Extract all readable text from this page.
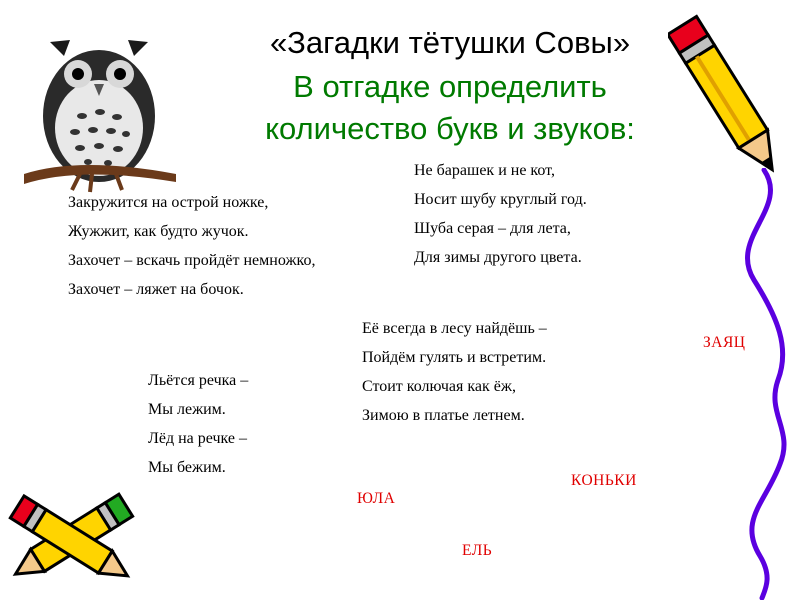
«Загадки тётушки Совы»
В отгадке определить
количество букв и звуков:
Закружится на острой ножке,
Жужжит, как будто жучок.
Захочет – вскачь пройдёт немножко,
Захочет – ляжет на бочок.
Не барашек и не кот,
Носит шубу круглый год.
Шуба серая – для лета,
Для зимы другого цвета.
Её всегда в лесу найдёшь –
Пойдём гулять и встретим.
Стоит колючая как ёж,
Зимою в платье летнем.
Льётся речка –
Мы лежим.
Лёд на речке –
Мы бежим.
ЗАЯЦ
КОНЬКИ
ЮЛА
ЕЛЬ
